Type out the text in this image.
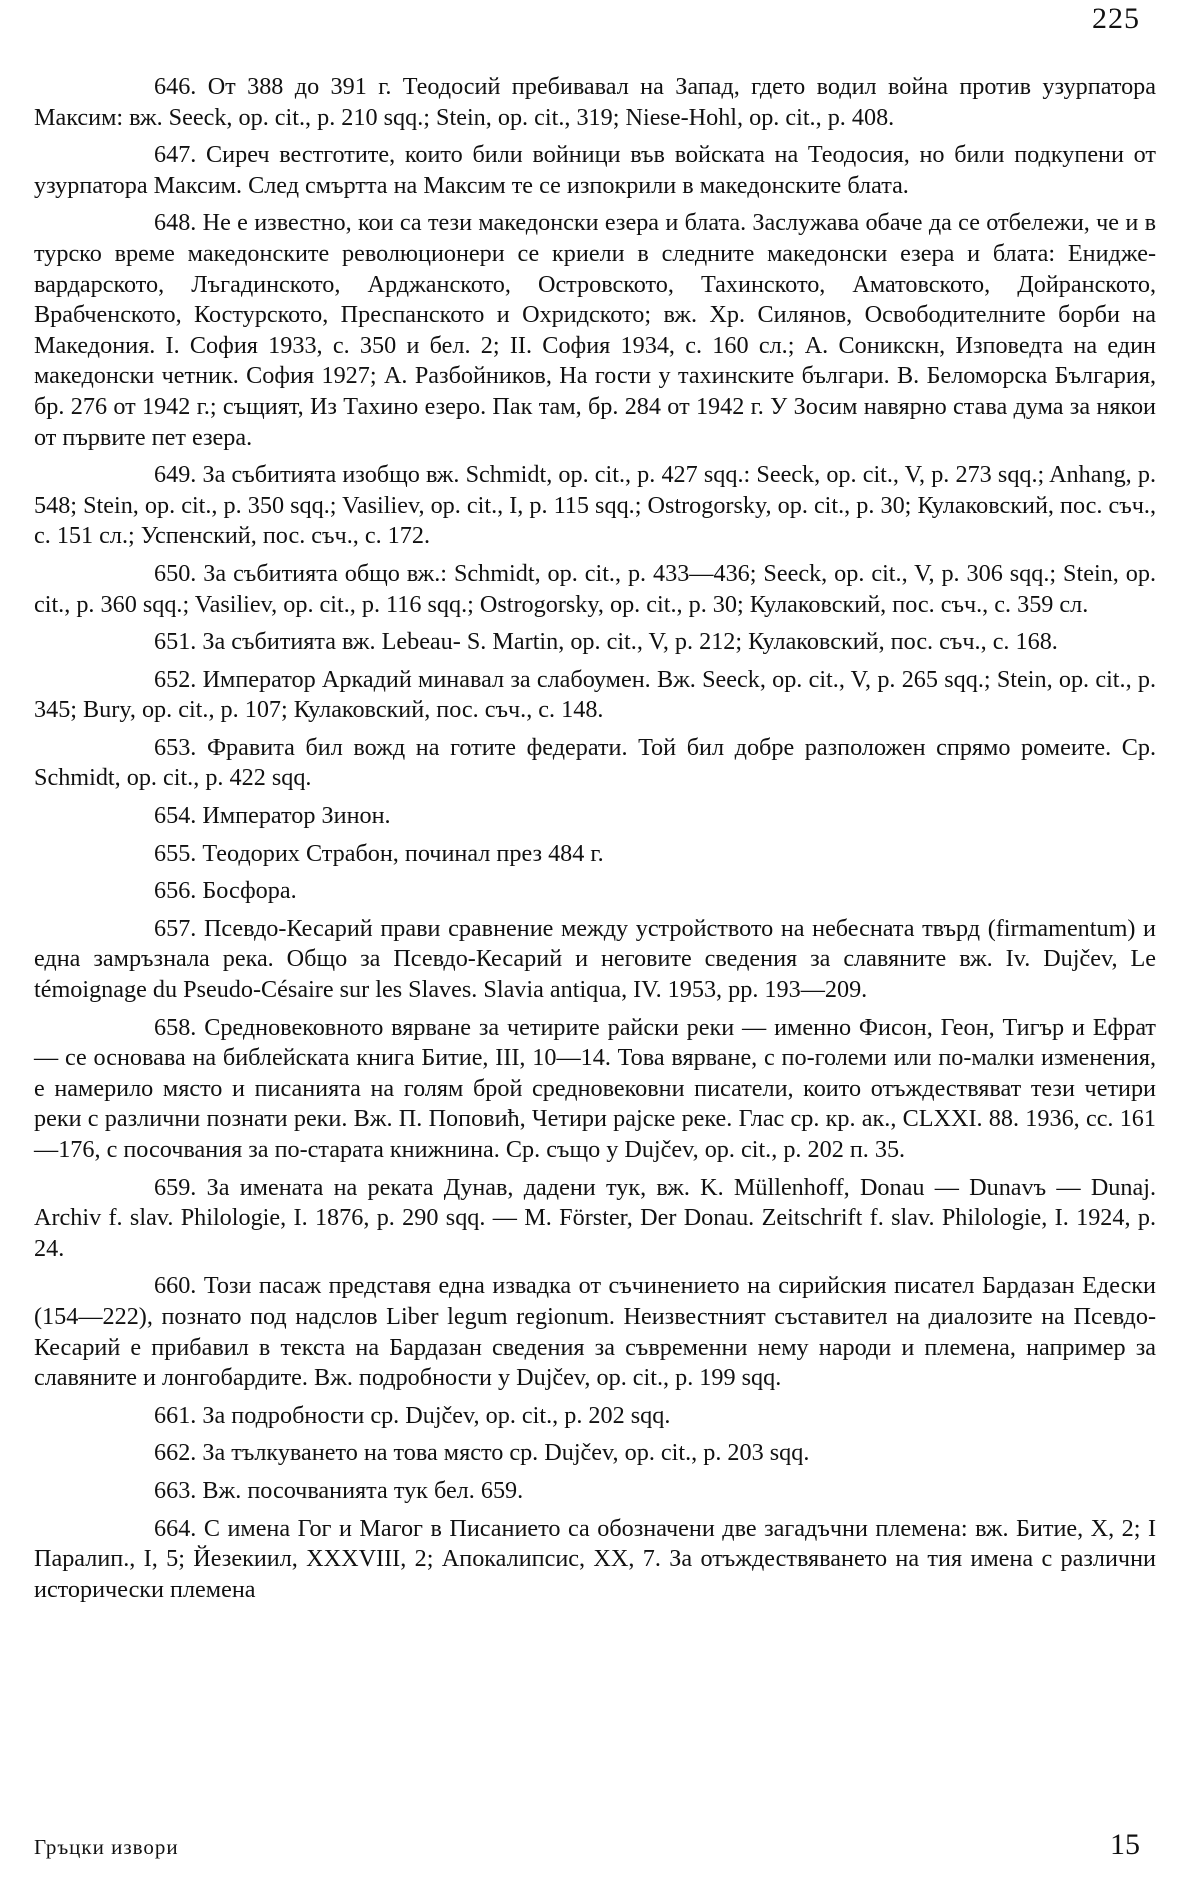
225

646. От 388 до 391 г. Теодосий пребивавал на Запад, гдето водил война против узурпатора Максим: вж. Seeck, op. cit., p. 210 sqq.; Stein, op. cit., 319; Niese-Hohl, op. cit., p. 408.

647. Сиреч вестготите, които били войници във войската на Теодосия, но били подкупени от узурпатора Максим. След смъртта на Максим те се изпокрили в македонските блата.

648. Не е известно, кои са тези македонски езера и блата. Заслужава обаче да се отбележи, че и в турско време македонските революционери се криели в следните македонски езера и блата: Енидже-вардарското, Лъгадинското, Арджанското, Островското, Тахинското, Аматовското, Дойранското, Врабченското, Костурското, Преспанското и Охридското; вж. Хр. Силянов, Освободителните борби на Македония. I. София 1933, с. 350 и бел. 2; II. София 1934, с. 160 сл.; А. Соникскн, Изповедта на един македонски четник. София 1927; А. Разбойников, На гости у тахинските българи. В. Беломорска България, бр. 276 от 1942 г.; същият, Из Тахино езеро. Пак там, бр. 284 от 1942 г. У Зосим навярно става дума за някои от първите пет езера.

649. За събитията изобщо вж. Schmidt, op. cit., p. 427 sqq.: Seeck, op. cit., V, p. 273 sqq.; Anhang, p. 548; Stein, op. cit., p. 350 sqq.; Vasiliev, op. cit., I, p. 115 sqq.; Ostrogorsky, op. cit., p. 30; Кулаковский, пос. съч., с. 151 сл.; Успенский, пос. съч., с. 172.

650. За събитията общо вж.: Schmidt, op. cit., p. 433—436; Seeck, op. cit., V, p. 306 sqq.; Stein, op. cit., p. 360 sqq.; Vasiliev, op. cit., p. 116 sqq.; Ostrogorsky, op. cit., p. 30; Кулаковский, пос. съч., с. 359 сл.

651. За събитията вж. Lebeau- S. Martin, op. cit., V, p. 212; Кулаковский, пос. съч., с. 168.

652. Император Аркадий минавал за слабоумен. Вж. Seeck, op. cit., V, p. 265 sqq.; Stein, op. cit., p. 345; Bury, op. cit., p. 107; Кулаковский, пос. съч., с. 148.

653. Фравита бил вожд на готите федерати. Той бил добре разположен спрямо ромеите. Ср. Schmidt, op. cit., p. 422 sqq.

654. Император Зинон.

655. Теодорих Страбон, починал през 484 г.

656. Босфора.

657. Псевдо-Кесарий прави сравнение между устройството на небесната твърд (firmamentum) и една замръзнала река. Общо за Псевдо-Кесарий и неговите сведения за славяните вж. Iv. Dujčev, Le témoignage du Pseudo-Césaire sur les Slaves. Slavia antiqua, IV. 1953, pp. 193—209.

658. Средновековното вярване за четирите райски реки — именно Фисон, Геон, Тигър и Ефрат — се основава на библейската книга Битие, III, 10—14. Това вярване, с по-големи или по-малки изменения, е намерило място и писанията на голям брой средновековни писатели, които отъждествяват тези четири реки с различни познати реки. Вж. П. Поповић, Четири рајске реке. Глас ср. кр. ак., CLXXI. 88. 1936, сс. 161—176, с посочвания за по-старата книжнина. Ср. също у Dujčev, op. cit., p. 202 п. 35.

659. За имената на реката Дунав, дадени тук, вж. K. Müllenhoff, Donau — Dunavъ — Dunaj. Archiv f. slav. Philologie, I. 1876, p. 290 sqq. — M. Förster, Der Donau. Zeitschrift f. slav. Philologie, I. 1924, p. 24.

660. Този пасаж представя една извадка от съчинението на сирийския писател Бардазан Едески (154—222), познато под надслов Liber legum regionum. Неизвестният съставител на диалозите на Псевдо-Кесарий е прибавил в текста на Бардазан сведения за съвременни нему народи и племена, например за славяните и лонгобардите. Вж. подробности у Dujčev, op. cit., p. 199 sqq.

661. За подробности ср. Dujčev, op. cit., p. 202 sqq.

662. За тълкуването на това място ср. Dujčev, op. cit., p. 203 sqq.

663. Вж. посочванията тук бел. 659.

664. С имена Гог и Магог в Писанието са обозначени две загадъчни племена: вж. Битие, X, 2; I Паралип., I, 5; Йезекиил, XXXVIII, 2; Апокалипсис, XX, 7. За отъждествяването на тия имена с различни исторически племена

Гръцки извори	15
